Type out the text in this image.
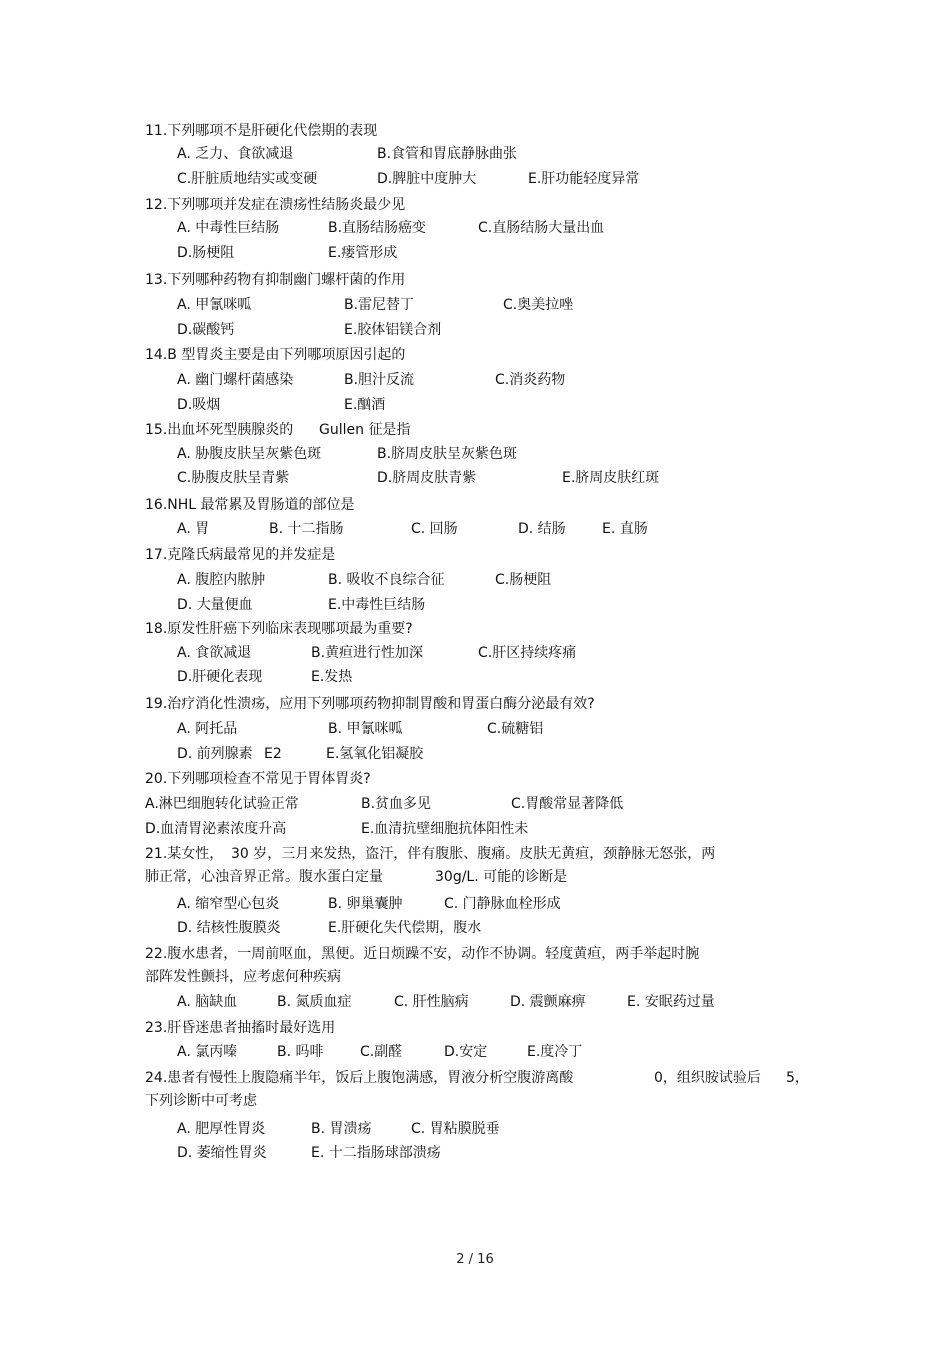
11.下列哪项不是肝硬化代偿期的表现
A. 乏力、食欲减退	B.食管和胃底静脉曲张
C.肝脏质地结实或变硬	D.脾脏中度肿大	E.肝功能轻度异常
12.下列哪项并发症在溃疡性结肠炎最少见
A. 中毒性巨结肠	B.直肠结肠癌变	C.直肠结肠大量出血
D.肠梗阻	E.瘘管形成
13.下列哪种药物有抑制幽门螺杆菌的作用
A. 甲氰咪呱	B.雷尼替丁	C.奥美拉唑
D.碳酸钙	E.胶体铝镁合剂
14.B 型胃炎主要是由下列哪项原因引起的
A. 幽门螺杆菌感染	B.胆汁反流	C.消炎药物
D.吸烟	E.酗酒
15.出血坏死型胰腺炎的 Gullen 征是指
A. 胁腹皮肤呈灰紫色斑	B.脐周皮肤呈灰紫色斑
C.胁腹皮肤呈青紫	D.脐周皮肤青紫	E.脐周皮肤红斑
16.NHL 最常累及胃肠道的部位是
A. 胃	B. 十二指肠	C. 回肠	D. 结肠	E. 直肠
17.克隆氏病最常见的并发症是
A. 腹腔内脓肿	B. 吸收不良综合征	C.肠梗阻
D. 大量便血	E.中毒性巨结肠
18.原发性肝癌下列临床表现哪项最为重要?
A. 食欲减退	B.黄疸进行性加深	C.肝区持续疼痛
D.肝硬化表现	E.发热
19.治疗消化性溃疡，应用下列哪项药物抑制胃酸和胃蛋白酶分泌最有效?
A. 阿托品	B. 甲氰咪呱	C.硫糖铝
D. 前列腺素 E2	E.氢氧化铝凝胶
20.下列哪项检查不常见于胃体胃炎?
A.淋巴细胞转化试验正常	B.贫血多见	C.胃酸常显著降低
D.血清胃泌素浓度升高	E.血清抗壁细胞抗体阳性未
21.某女性， 30 岁，三月来发热，盗汗，伴有腹胀、腹痛。皮肤无黄疸，颈静脉无怒张，两
肺正常，心浊音界正常。腹水蛋白定量	30g/L. 可能的诊断是
A. 缩窄型心包炎	B. 卵巢囊肿	C. 门静脉血栓形成
D. 结核性腹膜炎	E.肝硬化失代偿期，腹水
22.腹水患者，一周前呕血，黑便。近日烦躁不安，动作不协调。轻度黄疸，两手举起时腕
部阵发性颤抖，应考虑何种疾病
A. 脑缺血	B. 氮质血症	C. 肝性脑病	D. 震颤麻痹	E. 安眠药过量
23.肝昏迷患者抽搐时最好选用
A. 氯丙嗪	B. 吗啡	C.副醛	D.安定	E.度冷丁
24.患者有慢性上腹隐痛半年，饭后上腹饱满感，胃液分析空腹游离酸	0，组织胺试验后 5，
下列诊断中可考虑
A. 肥厚性胃炎	B. 胃溃疡	C. 胃粘膜脱垂
D. 萎缩性胃炎	E. 十二指肠球部溃疡
2 / 16
